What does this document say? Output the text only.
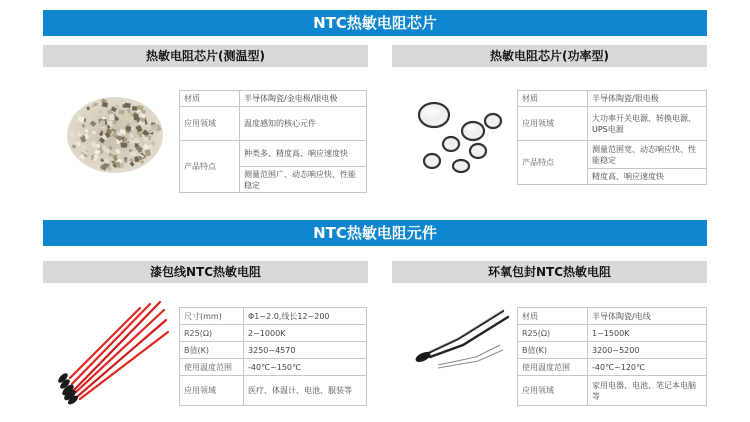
NTC热敏电阻芯片
热敏电阻芯片(测温型)	热敏电阻芯片(功率型)
材质	半导体陶瓷/金电极/银电极
应用领域	温度感知的核心元件
产品特点	种类多、精度高、响应速度快
	测量范围广、动态响应快、性能稳定
材质	半导体陶瓷/银电极
应用领域	大功率开关电源、转换电源、UPS电源
产品特点	测量范围宽、动态响应快、性能稳定
	精度高、响应速度快
NTC热敏电阻元件
漆包线NTC热敏电阻	环氧包封NTC热敏电阻
尺寸(mm)	Φ1~2.0,线长12~200
R25(Ω)	2~1000K
B值(K)	3250~4570
使用温度范围	-40℃~150℃
应用领域	医疗、体温计、电池、服装等
材质	半导体陶瓷/电线
R25(Ω)	1~1500K
B值(K)	3200~5200
使用温度范围	-40℃~120℃
应用领域	家用电器、电池、笔记本电脑等
